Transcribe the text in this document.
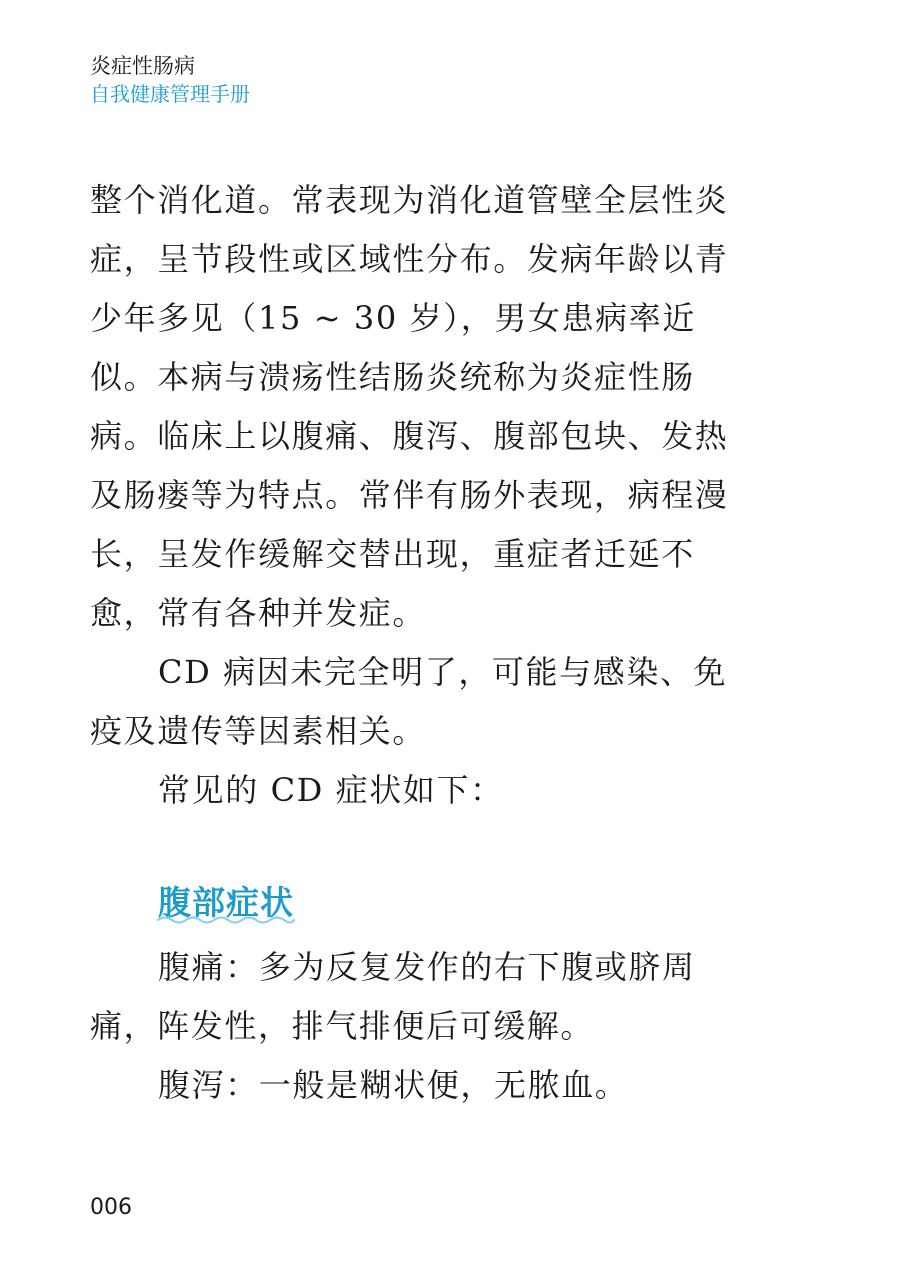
炎症性肠病
自我健康管理手册

整个消化道。常表现为消化道管壁全层性炎症，呈节段性或区域性分布。发病年龄以青少年多见（15 ~ 30 岁），男女患病率近似。本病与溃疡性结肠炎统称为炎症性肠病。临床上以腹痛、腹泻、腹部包块、发热及肠瘘等为特点。常伴有肠外表现，病程漫长，呈发作缓解交替出现，重症者迁延不愈，常有各种并发症。

CD 病因未完全明了，可能与感染、免疫及遗传等因素相关。

常见的 CD 症状如下：

腹部症状

腹痛：多为反复发作的右下腹或脐周痛，阵发性，排气排便后可缓解。

腹泻：一般是糊状便，无脓血。

006
